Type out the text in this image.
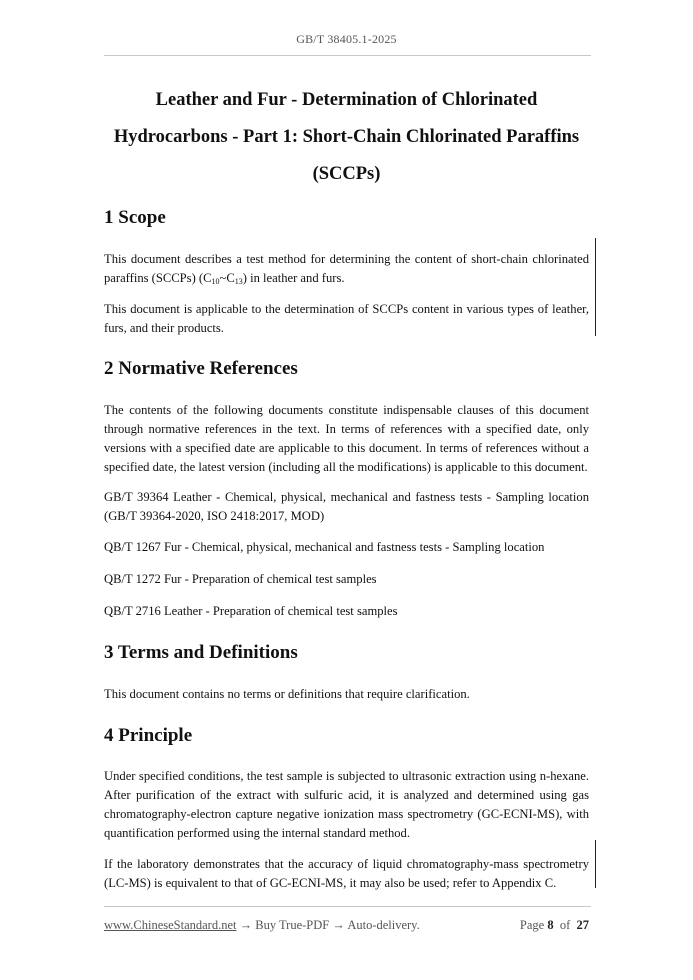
GB/T 38405.1-2025
Leather and Fur - Determination of Chlorinated
Hydrocarbons - Part 1: Short-Chain Chlorinated Paraffins
(SCCPs)
1 Scope

This document describes a test method for determining the content of short-chain chlorinated paraffins (SCCPs) $(C_{10}\sim C_{13})$ in leather and furs.

This document is applicable to the determination of SCCPs content in various types of leather, furs, and their products.

2 Normative References

The contents of the following documents constitute indispensable clauses of this document through normative references in the text. In terms of references with a specified date, only versions with a specified date are applicable to this document. In terms of references without a specified date, the latest version (including all the modifications) is applicable to this document.

GB/T 39364 Leather - Chemical, physical, mechanical and fastness tests - Sampling location (GB/T 39364-2020, ISO 2418:2017, MOD)

QB/T 1267 Fur - Chemical, physical, mechanical and fastness tests - Sampling location

QB/T 1272 Fur - Preparation of chemical test samples

QB/T 2716 Leather - Preparation of chemical test samples

3 Terms and Definitions

This document contains no terms or definitions that require clarification.

4 Principle

Under specified conditions, the test sample is subjected to ultrasonic extraction using n-hexane. After purification of the extract with sulfuric acid, it is analyzed and determined using gas chromatography-electron capture negative ionization mass spectrometry (GC-ECNI-MS), with quantification performed using the internal standard method.

If the laboratory demonstrates that the accuracy of liquid chromatography-mass spectrometry (LC-MS) is equivalent to that of GC-ECNI-MS, it may also be used; refer to Appendix C.

www.ChineseStandard.net → Buy True-PDF → Auto-delivery.	Page 8 of 27
